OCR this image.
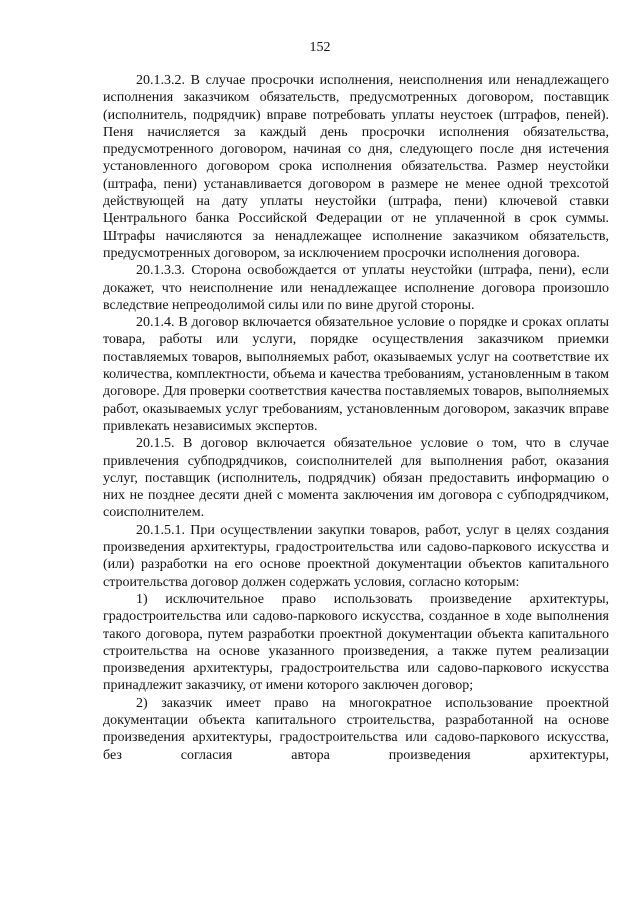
152

20.1.3.2. В случае просрочки исполнения, неисполнения или ненадлежащего исполнения заказчиком обязательств, предусмотренных договором, поставщик (исполнитель, подрядчик) вправе потребовать уплаты неустоек (штрафов, пеней). Пеня начисляется за каждый день просрочки исполнения обязательства, предусмотренного договором, начиная со дня, следующего после дня истечения установленного договором срока исполнения обязательства. Размер неустойки (штрафа, пени) устанавливается договором в размере не менее одной трехсотой действующей на дату уплаты неустойки (штрафа, пени) ключевой ставки Центрального банка Российской Федерации от не уплаченной в срок суммы. Штрафы начисляются за ненадлежащее исполнение заказчиком обязательств, предусмотренных договором, за исключением просрочки исполнения договора.

20.1.3.3. Сторона освобождается от уплаты неустойки (штрафа, пени), если докажет, что неисполнение или ненадлежащее исполнение договора произошло вследствие непреодолимой силы или по вине другой стороны.

20.1.4. В договор включается обязательное условие о порядке и сроках оплаты товара, работы или услуги, порядке осуществления заказчиком приемки поставляемых товаров, выполняемых работ, оказываемых услуг на соответствие их количества, комплектности, объема и качества требованиям, установленным в таком договоре. Для проверки соответствия качества поставляемых товаров, выполняемых работ, оказываемых услуг требованиям, установленным договором, заказчик вправе привлекать независимых экспертов.

20.1.5. В договор включается обязательное условие о том, что в случае привлечения субподрядчиков, соисполнителей для выполнения работ, оказания услуг, поставщик (исполнитель, подрядчик) обязан предоставить информацию о них не позднее десяти дней с момента заключения им договора с субподрядчиком, соисполнителем.

20.1.5.1. При осуществлении закупки товаров, работ, услуг в целях создания произведения архитектуры, градостроительства или садово-паркового искусства и (или) разработки на его основе проектной документации объектов капитального строительства договор должен содержать условия, согласно которым:

1) исключительное право использовать произведение архитектуры, градостроительства или садово-паркового искусства, созданное в ходе выполнения такого договора, путем разработки проектной документации объекта капитального строительства на основе указанного произведения, а также путем реализации произведения архитектуры, градостроительства или садово-паркового искусства принадлежит заказчику, от имени которого заключен договор;

2) заказчик имеет право на многократное использование проектной документации объекта капитального строительства, разработанной на основе произведения архитектуры, градостроительства или садово-паркового искусства, без согласия автора произведения архитектуры,
